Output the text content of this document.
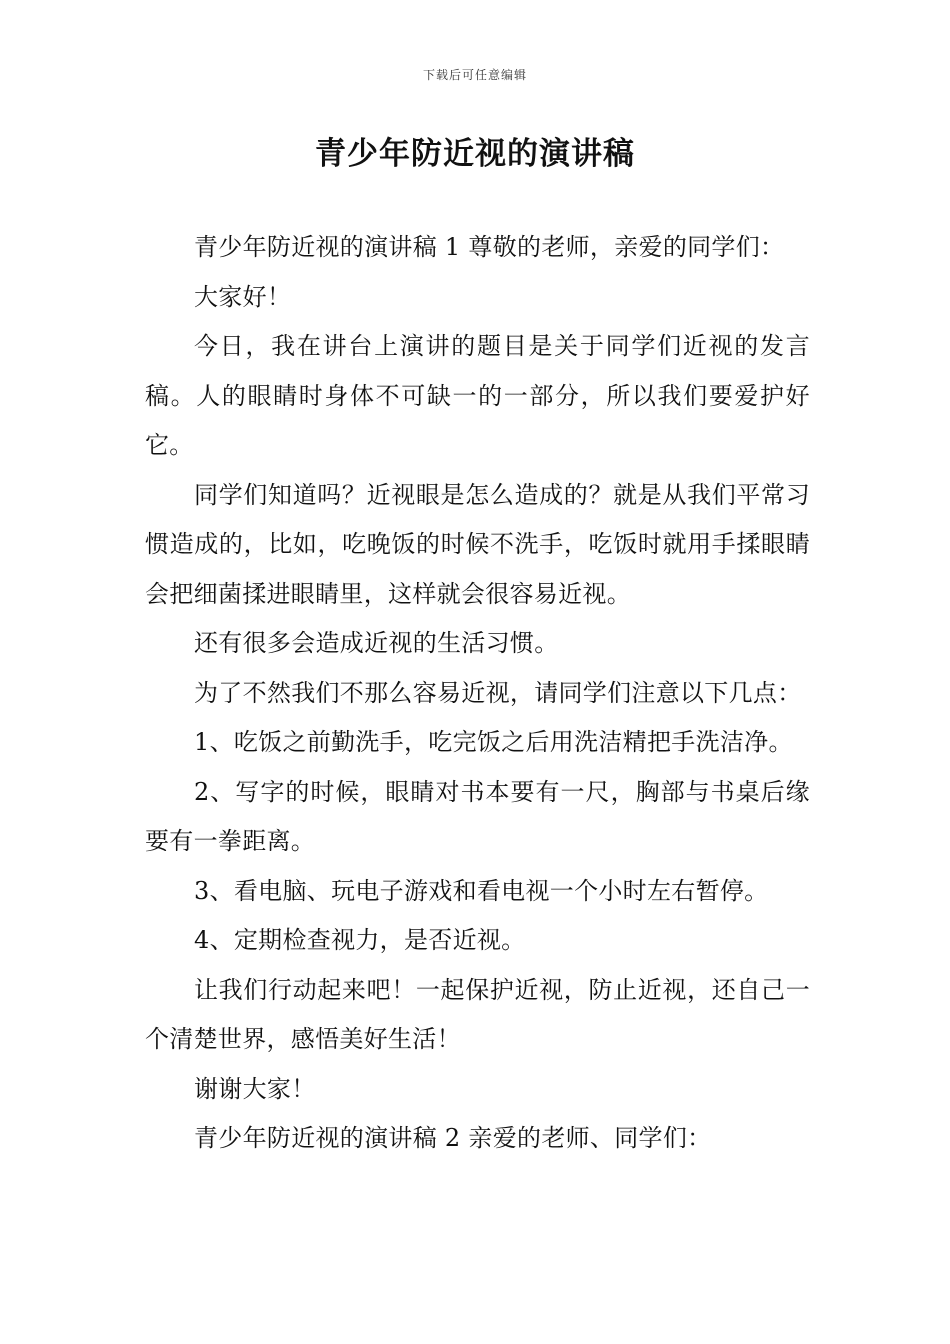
下载后可任意编辑
青少年防近视的演讲稿

青少年防近视的演讲稿 1 尊敬的老师，亲爱的同学们：

大家好！

今日，我在讲台上演讲的题目是关于同学们近视的发言稿。人的眼睛时身体不可缺一的一部分，所以我们要爱护好它。

同学们知道吗？近视眼是怎么造成的？就是从我们平常习惯造成的，比如，吃晚饭的时候不洗手，吃饭时就用手揉眼睛会把细菌揉进眼睛里，这样就会很容易近视。

还有很多会造成近视的生活习惯。

为了不然我们不那么容易近视，请同学们注意以下几点：

1、吃饭之前勤洗手，吃完饭之后用洗洁精把手洗洁净。

2、写字的时候，眼睛对书本要有一尺，胸部与书桌后缘要有一拳距离。

3、看电脑、玩电子游戏和看电视一个小时左右暂停。

4、定期检查视力，是否近视。

让我们行动起来吧！一起保护近视，防止近视，还自己一个清楚世界，感悟美好生活！

谢谢大家！

青少年防近视的演讲稿 2 亲爱的老师、同学们：
